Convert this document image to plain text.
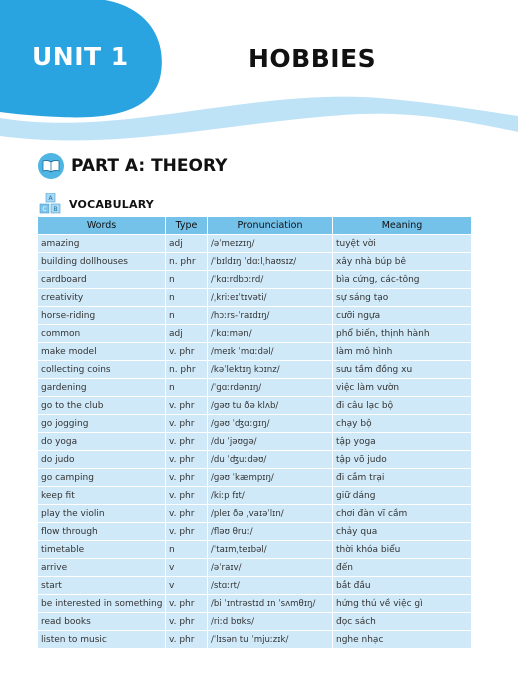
UNIT 1	HOBBIES
PART A: THEORY
A
C B VOCABULARY
Words	Type	Pronunciation	Meaning
amazing	adj	/əˈmeɪzɪŋ/	tuyệt vời
building dollhouses	n. phr	/ˈbɪldɪŋ ˈdɑːlˌhaʊsɪz/	xây nhà búp bê
cardboard	n	/ˈkɑːrdbɔːrd/	bìa cứng, các-tông
creativity	n	/ˌkriːeɪˈtɪvəti/	sự sáng tạo
horse-riding	n	/hɔːrs-ˈraɪdɪŋ/	cưỡi ngựa
common	adj	/ˈkɑːmən/	phổ biến, thịnh hành
make model	v. phr	/meɪk ˈmɑːdəl/	làm mô hình
collecting coins	n. phr	/kəˈlektɪŋ kɔɪnz/	sưu tầm đồng xu
gardening	n	/ˈɡɑːrdənɪŋ/	việc làm vườn
go to the club	v. phr	/ɡəʊ tu ðə klʌb/	đi câu lạc bộ
go jogging	v. phr	/ɡəʊ ˈʤɑːɡɪŋ/	chạy bộ
do yoga	v. phr	/du ˈjəʊɡə/	tập yoga
do judo	v. phr	/du ˈʤuːdəʊ/	tập võ judo
go camping	v. phr	/ɡəʊ ˈkæmpɪŋ/	đi cắm trại
keep fit	v. phr	/kiːp fɪt/	giữ dáng
play the violin	v. phr	/pleɪ ðə ˌvaɪəˈlɪn/	chơi đàn vĩ cầm
flow through	v. phr	/fləʊ θruː/	chảy qua
timetable	n	/ˈtaɪmˌteɪbəl/	thời khóa biểu
arrive	v	/əˈraɪv/	đến
start	v	/stɑːrt/	bắt đầu
be interested in something	v. phr	/bi ˈɪntrəstɪd ɪn ˈsʌmθɪŋ/	hứng thú về việc gì
read books	v. phr	/riːd bʊks/	đọc sách
listen to music	v. phr	/ˈlɪsən tu ˈmjuːzɪk/	nghe nhạc
